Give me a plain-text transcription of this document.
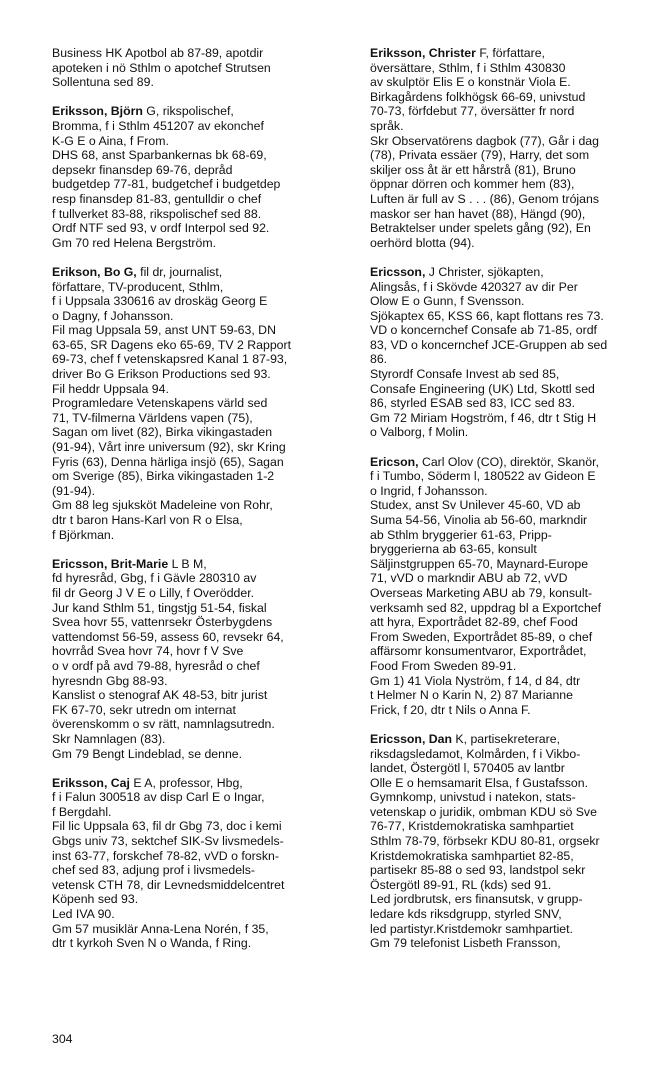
Business HK Apotbol ab 87-89, apotdir
apoteken i nö Sthlm o apotchef Strutsen
Sollentuna sed 89.

Eriksson, Björn G, rikspolischef,
Bromma, f i Sthlm 451207 av ekonchef
K-G E o Aina, f From.
DHS 68, anst Sparbankernas bk 68-69,
depsekr finansdep 69-76, depråd
budgetdep 77-81, budgetchef i budgetdep
resp finansdep 81-83, gentulldir o chef
f tullverket 83-88, rikspolischef sed 88.
Ordf NTF sed 93, v ordf Interpol sed 92.
Gm 70 red Helena Bergström.

Erikson, Bo G, fil dr, journalist,
författare, TV-producent, Sthlm,
f i Uppsala 330616 av droskäg Georg E
o Dagny, f Johansson.
Fil mag Uppsala 59, anst UNT 59-63, DN
63-65, SR Dagens eko 65-69, TV 2 Rapport
69-73, chef f vetenskapsred Kanal 1 87-93,
driver Bo G Erikson Productions sed 93.
Fil heddr Uppsala 94.
Programledare Vetenskapens värld sed
71, TV-filmerna Världens vapen (75),
Sagan om livet (82), Birka vikingastaden
(91-94), Vårt inre universum (92), skr Kring
Fyris (63), Denna härliga insjö (65), Sagan
om Sverige (85), Birka vikingastaden 1-2
(91-94).
Gm 88 leg sjuksköt Madeleine von Rohr,
dtr t baron Hans-Karl von R o Elsa,
f Björkman.

Ericsson, Brit-Marie L B M,
fd hyresråd, Gbg, f i Gävle 280310 av
fil dr Georg J V E o Lilly, f Overödder.
Jur kand Sthlm 51, tingstjg 51-54, fiskal
Svea hovr 55, vattenrsekr Österbygdens
vattendomst 56-59, assess 60, revsekr 64,
hovrråd Svea hovr 74, hovr f V Sve
o v ordf på avd 79-88, hyresråd o chef
hyresndn Gbg 88-93.
Kanslist o stenograf AK 48-53, bitr jurist
FK 67-70, sekr utredn om internat
överenskomm o sv rätt, namnlagsutredn.
Skr Namnlagen (83).
Gm 79 Bengt Lindeblad, se denne.

Eriksson, Caj E A, professor, Hbg,
f i Falun 300518 av disp Carl E o Ingar,
f Bergdahl.
Fil lic Uppsala 63, fil dr Gbg 73, doc i kemi
Gbgs univ 73, sektchef SIK-Sv livsmedels-
inst 63-77, forskchef 78-82, vVD o forskn-
chef sed 83, adjung prof i livsmedels-
vetensk CTH 78, dir Levnedsmiddelcentret
Köpenh sed 93.
Led IVA 90.
Gm 57 musiklär Anna-Lena Norén, f 35,
dtr t kyrkoh Sven N o Wanda, f Ring.

Eriksson, Christer F, författare,
översättare, Sthlm, f i Sthlm 430830
av skulptör Elis E o konstnär Viola E.
Birkagårdens folkhögsk 66-69, univstud
70-73, förfdebut 77, översätter fr nord
språk.
Skr Observatörens dagbok (77), Går i dag
(78), Privata essäer (79), Harry, det som
skiljer oss åt är ett hårstrå (81), Bruno
öppnar dörren och kommer hem (83),
Luften är full av S . . . (86), Genom trójans
maskor ser han havet (88), Hängd (90),
Betraktelser under spelets gång (92), En
oerhörd blotta (94).

Ericsson, J Christer, sjökapten,
Alingsås, f i Skövde 420327 av dir Per
Olow E o Gunn, f Svensson.
Sjökaptex 65, KSS 66, kapt flottans res 73.
VD o koncernchef Consafe ab 71-85, ordf
83, VD o koncernchef JCE-Gruppen ab sed
86.
Styrordf Consafe Invest ab sed 85,
Consafe Engineering (UK) Ltd, Skottl sed
86, styrled ESAB sed 83, ICC sed 83.
Gm 72 Miriam Hogström, f 46, dtr t Stig H
o Valborg, f Molin.

Ericson, Carl Olov (CO), direktör, Skanör,
f i Tumbo, Söderm l, 180522 av Gideon E
o Ingrid, f Johansson.
Studex, anst Sv Unilever 45-60, VD ab
Suma 54-56, Vinolia ab 56-60, markndir
ab Sthlm bryggerier 61-63, Pripp-
bryggerierna ab 63-65, konsult
Säljinstgruppen 65-70, Maynard-Europe
71, vVD o markndir ABU ab 72, vVD
Overseas Marketing ABU ab 79, konsult-
verksamh sed 82, uppdrag bl a Exportchef
att hyra, Exportrådet 82-89, chef Food
From Sweden, Exportrådet 85-89, o chef
affärsomr konsumentvaror, Exportrådet,
Food From Sweden 89-91.
Gm 1) 41 Viola Nyström, f 14, d 84, dtr
t Helmer N o Karin N, 2) 87 Marianne
Frick, f 20, dtr t Nils o Anna F.

Ericsson, Dan K, partisekreterare,
riksdagsledamot, Kolmården, f i Vikbo-
landet, Östergötl l, 570405 av lantbr
Olle E o hemsamarit Elsa, f Gustafsson.
Gymnkomp, univstud i natekon, stats-
vetenskap o juridik, ombman KDU sö Sve
76-77, Kristdemokratiska samhpartiet
Sthlm 78-79, förbsekr KDU 80-81, orgsekr
Kristdemokratiska samhpartiet 82-85,
partisekr 85-88 o sed 93, landstpol sekr
Östergötl 89-91, RL (kds) sed 91.
Led jordbrutsk, ers finansutsk, v grupp-
ledare kds riksdgrupp, styrled SNV,
led partistyr.Kristdemokr samhpartiet.
Gm 79 telefonist Lisbeth Fransson,

304
